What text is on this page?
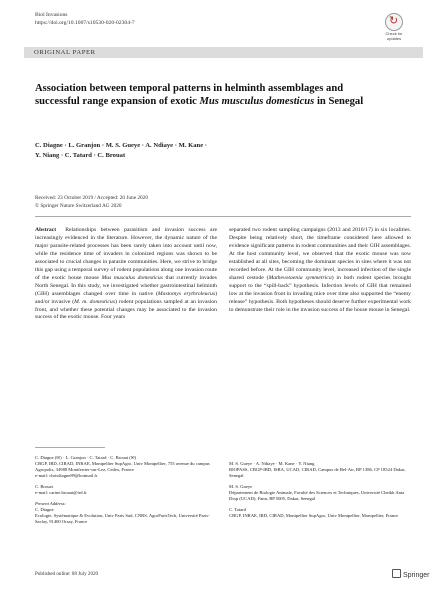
Biol Invasions
https://doi.org/10.1007/s10530-020-02304-7	↻
Check for
updates
ORIGINAL PAPER
Association between temporal patterns in helminth assemblages and successful range expansion of exotic Mus musculus domesticus in Senegal
C. Diagne · L. Granjon · M. S. Gueye · A. Ndiaye · M. Kane ·
Y. Niang · C. Tatard · C. Brouat
Received: 23 October 2019 / Accepted: 20 June 2020
© Springer Nature Switzerland AG 2020

Abstract Relationships between parasitism and invasion success are increasingly evidenced in the literature. However, the dynamic nature of the major parasite-related processes has been rarely taken into account until now, while the residence time of invaders in colonized regions was shown to be associated to crucial changes in parasite communities. Here, we strive to bridge this gap using a temporal survey of rodent populations along one invasion route of the exotic house mouse Mus musculus domesticus that currently invades North Senegal. In this study, we investigated whether gastrointestinal helminth (GIH) assemblages changed over time in native (Mastomys erythroleucus) and/or invasive (M. m. domesticus) rodent populations sampled at an invasion front, and whether these potential changes may be associated to the invasion success of the exotic mouse. Four years

separated two rodent sampling campaigns (2013 and 2016/17) in six localities. Despite being relatively short, the timeframe considered here allowed to evidence significant patterns in rodent communities and their GIH assemblages. At the host community level, we observed that the exotic mouse was now established at all sites, becoming the dominant species in sites where it was not recorded before. At the GIH community level, increased infection of the single shared cestode (Mathevotaenia symmetrica) in both rodent species brought support to the “spill-back” hypothesis. Infection levels of GIH that remained low at the invasion front in invading mice over time also supported the “enemy release” hypothesis. Both hypotheses should deserve further experimental work to demonstrate their role in the invasion success of the house mouse in Senegal.

C. Diagne (✉) · L. Granjon · C. Tatard · C. Brouat (✉)
CBGP, IRD, CIRAD, INRAE, Montpellier SupAgro, Univ Montpellier, 755 avenue du campus Agropolis, 34988 Montferrier-sur-Lez, Cedex, France
e-mail: chrisdiagne89@hotmail.fr

C. Brouat
e-mail: carine.brouat@ird.fr

Present Address:
C. Diagne
Ecologie, Systématique & Evolution, Univ Paris Sud, CNRS, AgroParisTech, Université Paris-Saclay, 91400 Orsay, France

M. S. Gueye · A. Ndiaye · M. Kane · Y. Niang
BIOPASS, CBGP-IRD, ISRA, UCAD, CIRAD, Campus de Bel-Air, BP 1386, CP 18524 Dakar, Senegal

M. S. Gueye
Département de Biologie Animale, Faculté des Sciences et Techniques, Université Cheikh Anta Diop (UCAD), Fann, BP 5005, Dakar, Senegal

C. Tatard
CBGP, INRAE, IRD, CIRAD, Montpellier SupAgro, Univ Montpellier, Montpellier, France

Published online: 08 July 2020	Springer
